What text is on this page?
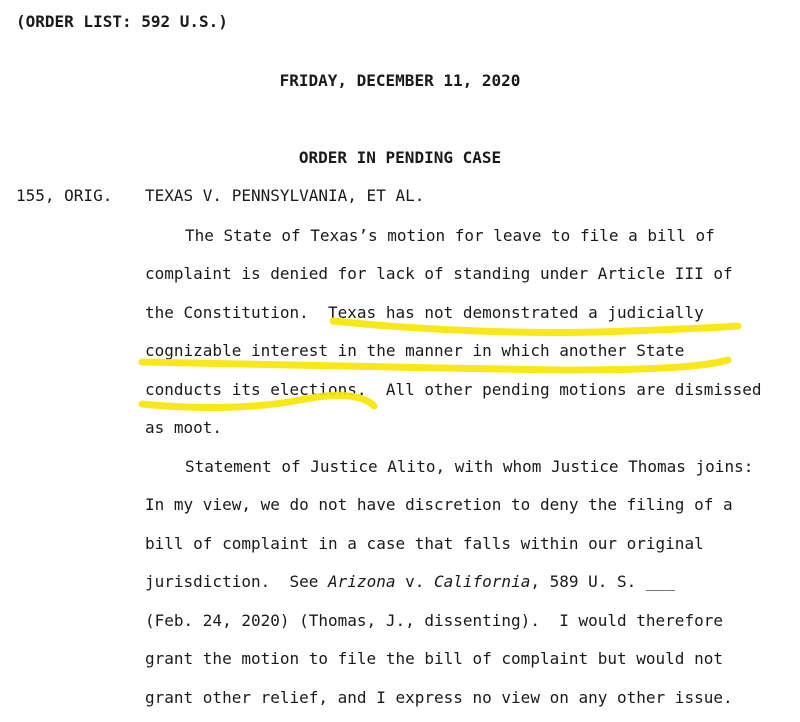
(ORDER LIST: 592 U.S.)
FRIDAY, DECEMBER 11, 2020
ORDER IN PENDING CASE
155, ORIG. TEXAS V. PENNSYLVANIA, ET AL.
The State of Texas’s motion for leave to file a bill of
complaint is denied for lack of standing under Article III of
the Constitution.  Texas has not demonstrated a judicially
cognizable interest in the manner in which another State
conducts its elections.  All other pending motions are dismissed
as moot.
Statement of Justice Alito, with whom Justice Thomas joins:
In my view, we do not have discretion to deny the filing of a
bill of complaint in a case that falls within our original
jurisdiction.  See Arizona v. California, 589 U. S. ___
(Feb. 24, 2020) (Thomas, J., dissenting).  I would therefore
grant the motion to file the bill of complaint but would not
grant other relief, and I express no view on any other issue.
